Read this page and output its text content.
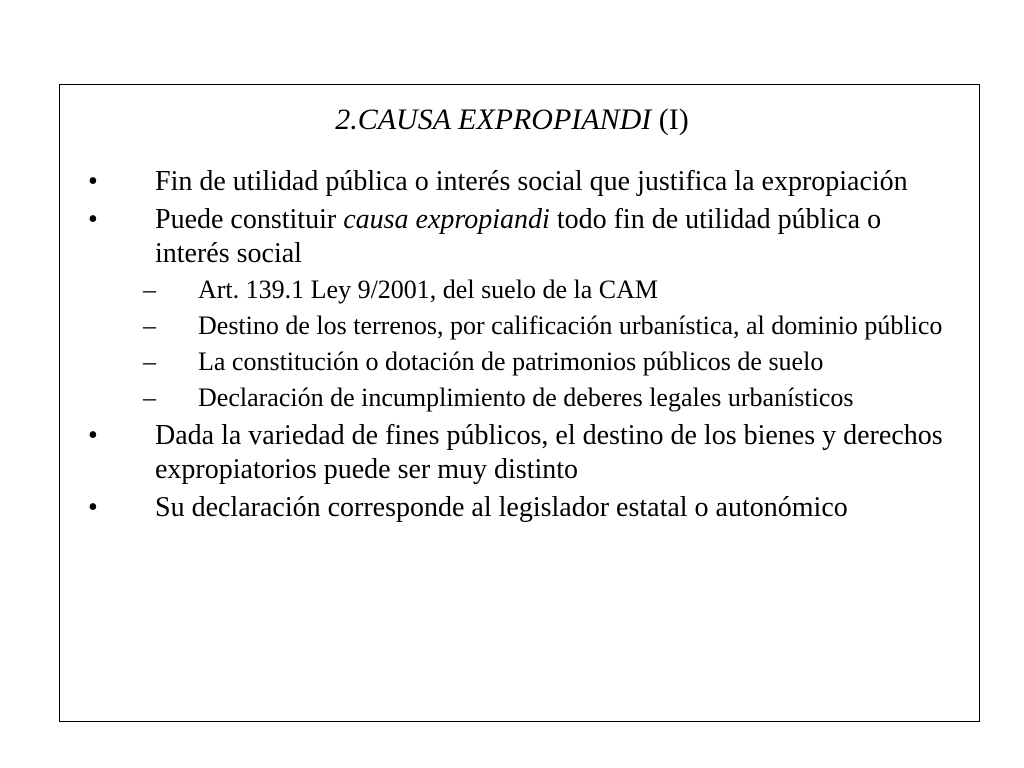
2.CAUSA EXPROPIANDI (I)
• Fin de utilidad pública o interés social que justifica la expropiación
• Puede constituir causa expropiandi todo fin de utilidad pública o interés social
– Art. 139.1 Ley 9/2001, del suelo de la CAM
– Destino de los terrenos, por calificación urbanística, al dominio público
– La constitución o dotación de patrimonios públicos de suelo
– Declaración de incumplimiento de deberes legales urbanísticos
• Dada la variedad de fines públicos, el destino de los bienes y derechos expropiatorios puede ser muy distinto
• Su declaración corresponde al legislador estatal o autonómico
